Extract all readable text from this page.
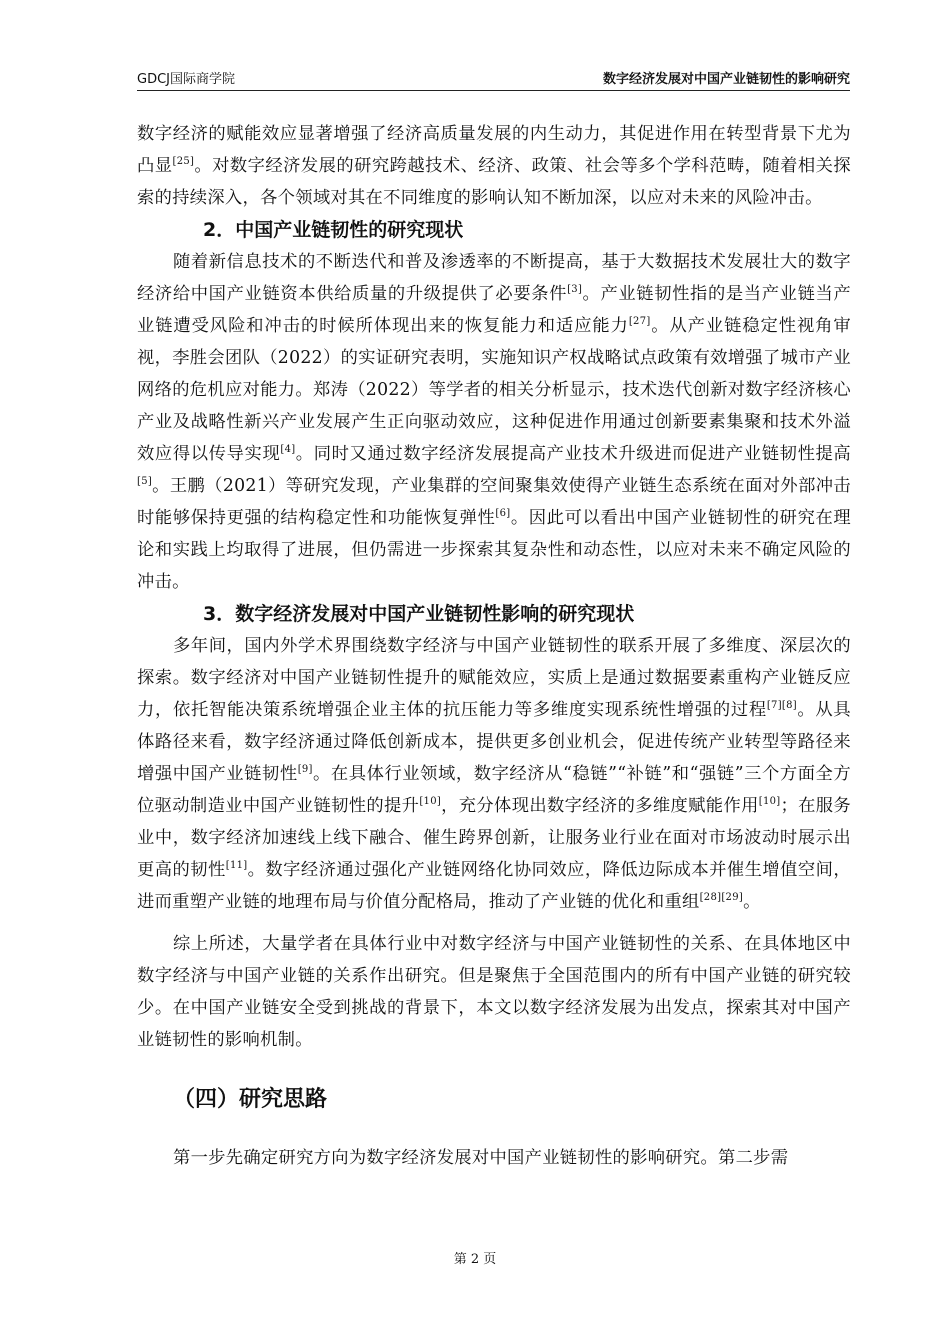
GDCJ国际商学院	数字经济发展对中国产业链韧性的影响研究

数字经济的赋能效应显著增强了经济高质量发展的内生动力，其促进作用在转型背景下尤为凸显[25]。对数字经济发展的研究跨越技术、经济、政策、社会等多个学科范畴，随着相关探索的持续深入，各个领域对其在不同维度的影响认知不断加深，以应对未来的风险冲击。

2．中国产业链韧性的研究现状

随着新信息技术的不断迭代和普及渗透率的不断提高，基于大数据技术发展壮大的数字经济给中国产业链资本供给质量的升级提供了必要条件[3]。产业链韧性指的是当产业链当产业链遭受风险和冲击的时候所体现出来的恢复能力和适应能力[27]。从产业链稳定性视角审视，李胜会团队（2022）的实证研究表明，实施知识产权战略试点政策有效增强了城市产业网络的危机应对能力。郑涛（2022）等学者的相关分析显示，技术迭代创新对数字经济核心产业及战略性新兴产业发展产生正向驱动效应，这种促进作用通过创新要素集聚和技术外溢效应得以传导实现[4]。同时又通过数字经济发展提高产业技术升级进而促进产业链韧性提高[5]。王鹏（2021）等研究发现，产业集群的空间聚集效使得产业链生态系统在面对外部冲击时能够保持更强的结构稳定性和功能恢复弹性[6]。因此可以看出中国产业链韧性的研究在理论和实践上均取得了进展，但仍需进一步探索其复杂性和动态性，以应对未来不确定风险的冲击。

3．数字经济发展对中国产业链韧性影响的研究现状

多年间，国内外学术界围绕数字经济与中国产业链韧性的联系开展了多维度、深层次的探索。数字经济对中国产业链韧性提升的赋能效应，实质上是通过数据要素重构产业链反应力，依托智能决策系统增强企业主体的抗压能力等多维度实现系统性增强的过程[7][8]。从具体路径来看，数字经济通过降低创新成本，提供更多创业机会，促进传统产业转型等路径来增强中国产业链韧性[9]。在具体行业领域，数字经济从“稳链”“补链”和“强链”三个方面全方位驱动制造业中国产业链韧性的提升[10]，充分体现出数字经济的多维度赋能作用[10]；在服务业中，数字经济加速线上线下融合、催生跨界创新，让服务业行业在面对市场波动时展示出更高的韧性[11]。数字经济通过强化产业链网络化协同效应，降低边际成本并催生增值空间，进而重塑产业链的地理布局与价值分配格局，推动了产业链的优化和重组[28][29]。

综上所述，大量学者在具体行业中对数字经济与中国产业链韧性的关系、在具体地区中数字经济与中国产业链的关系作出研究。但是聚焦于全国范围内的所有中国产业链的研究较少。在中国产业链安全受到挑战的背景下，本文以数字经济发展为出发点，探索其对中国产业链韧性的影响机制。

（四）研究思路

第一步先确定研究方向为数字经济发展对中国产业链韧性的影响研究。第二步需

第 2 页
